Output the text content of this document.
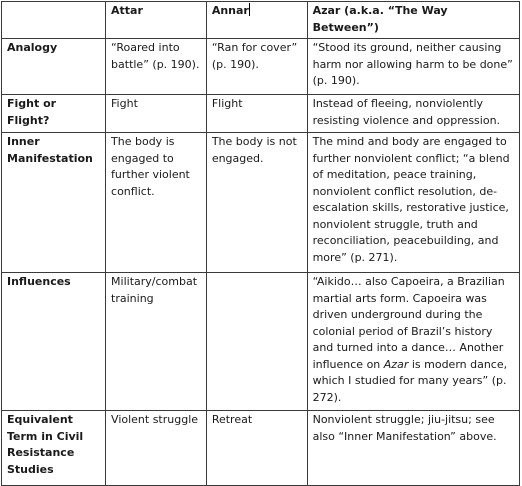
	Attar	Annar	Azar (a.k.a. “The Way Between”)
Analogy	“Roared into battle” (p. 190).	“Ran for cover” (p. 190).	“Stood its ground, neither causing harm nor allowing harm to be done” (p. 190).
Fight or Flight?	Fight	Flight	Instead of fleeing, nonviolently resisting violence and oppression.
Inner Manifestation	The body is engaged to further violent conflict.	The body is not engaged.	The mind and body are engaged to further nonviolent conflict; “a blend of meditation, peace training, nonviolent conflict resolution, de-escalation skills, restorative justice, nonviolent struggle, truth and reconciliation, peacebuilding, and more” (p. 271).
Influences	Military/combat training		“Aikido… also Capoeira, a Brazilian martial arts form. Capoeira was driven underground during the colonial period of Brazil’s history and turned into a dance… Another influence on Azar is modern dance, which I studied for many years” (p. 272).
Equivalent Term in Civil Resistance Studies	Violent struggle	Retreat	Nonviolent struggle; jiu-jitsu; see also “Inner Manifestation” above.
